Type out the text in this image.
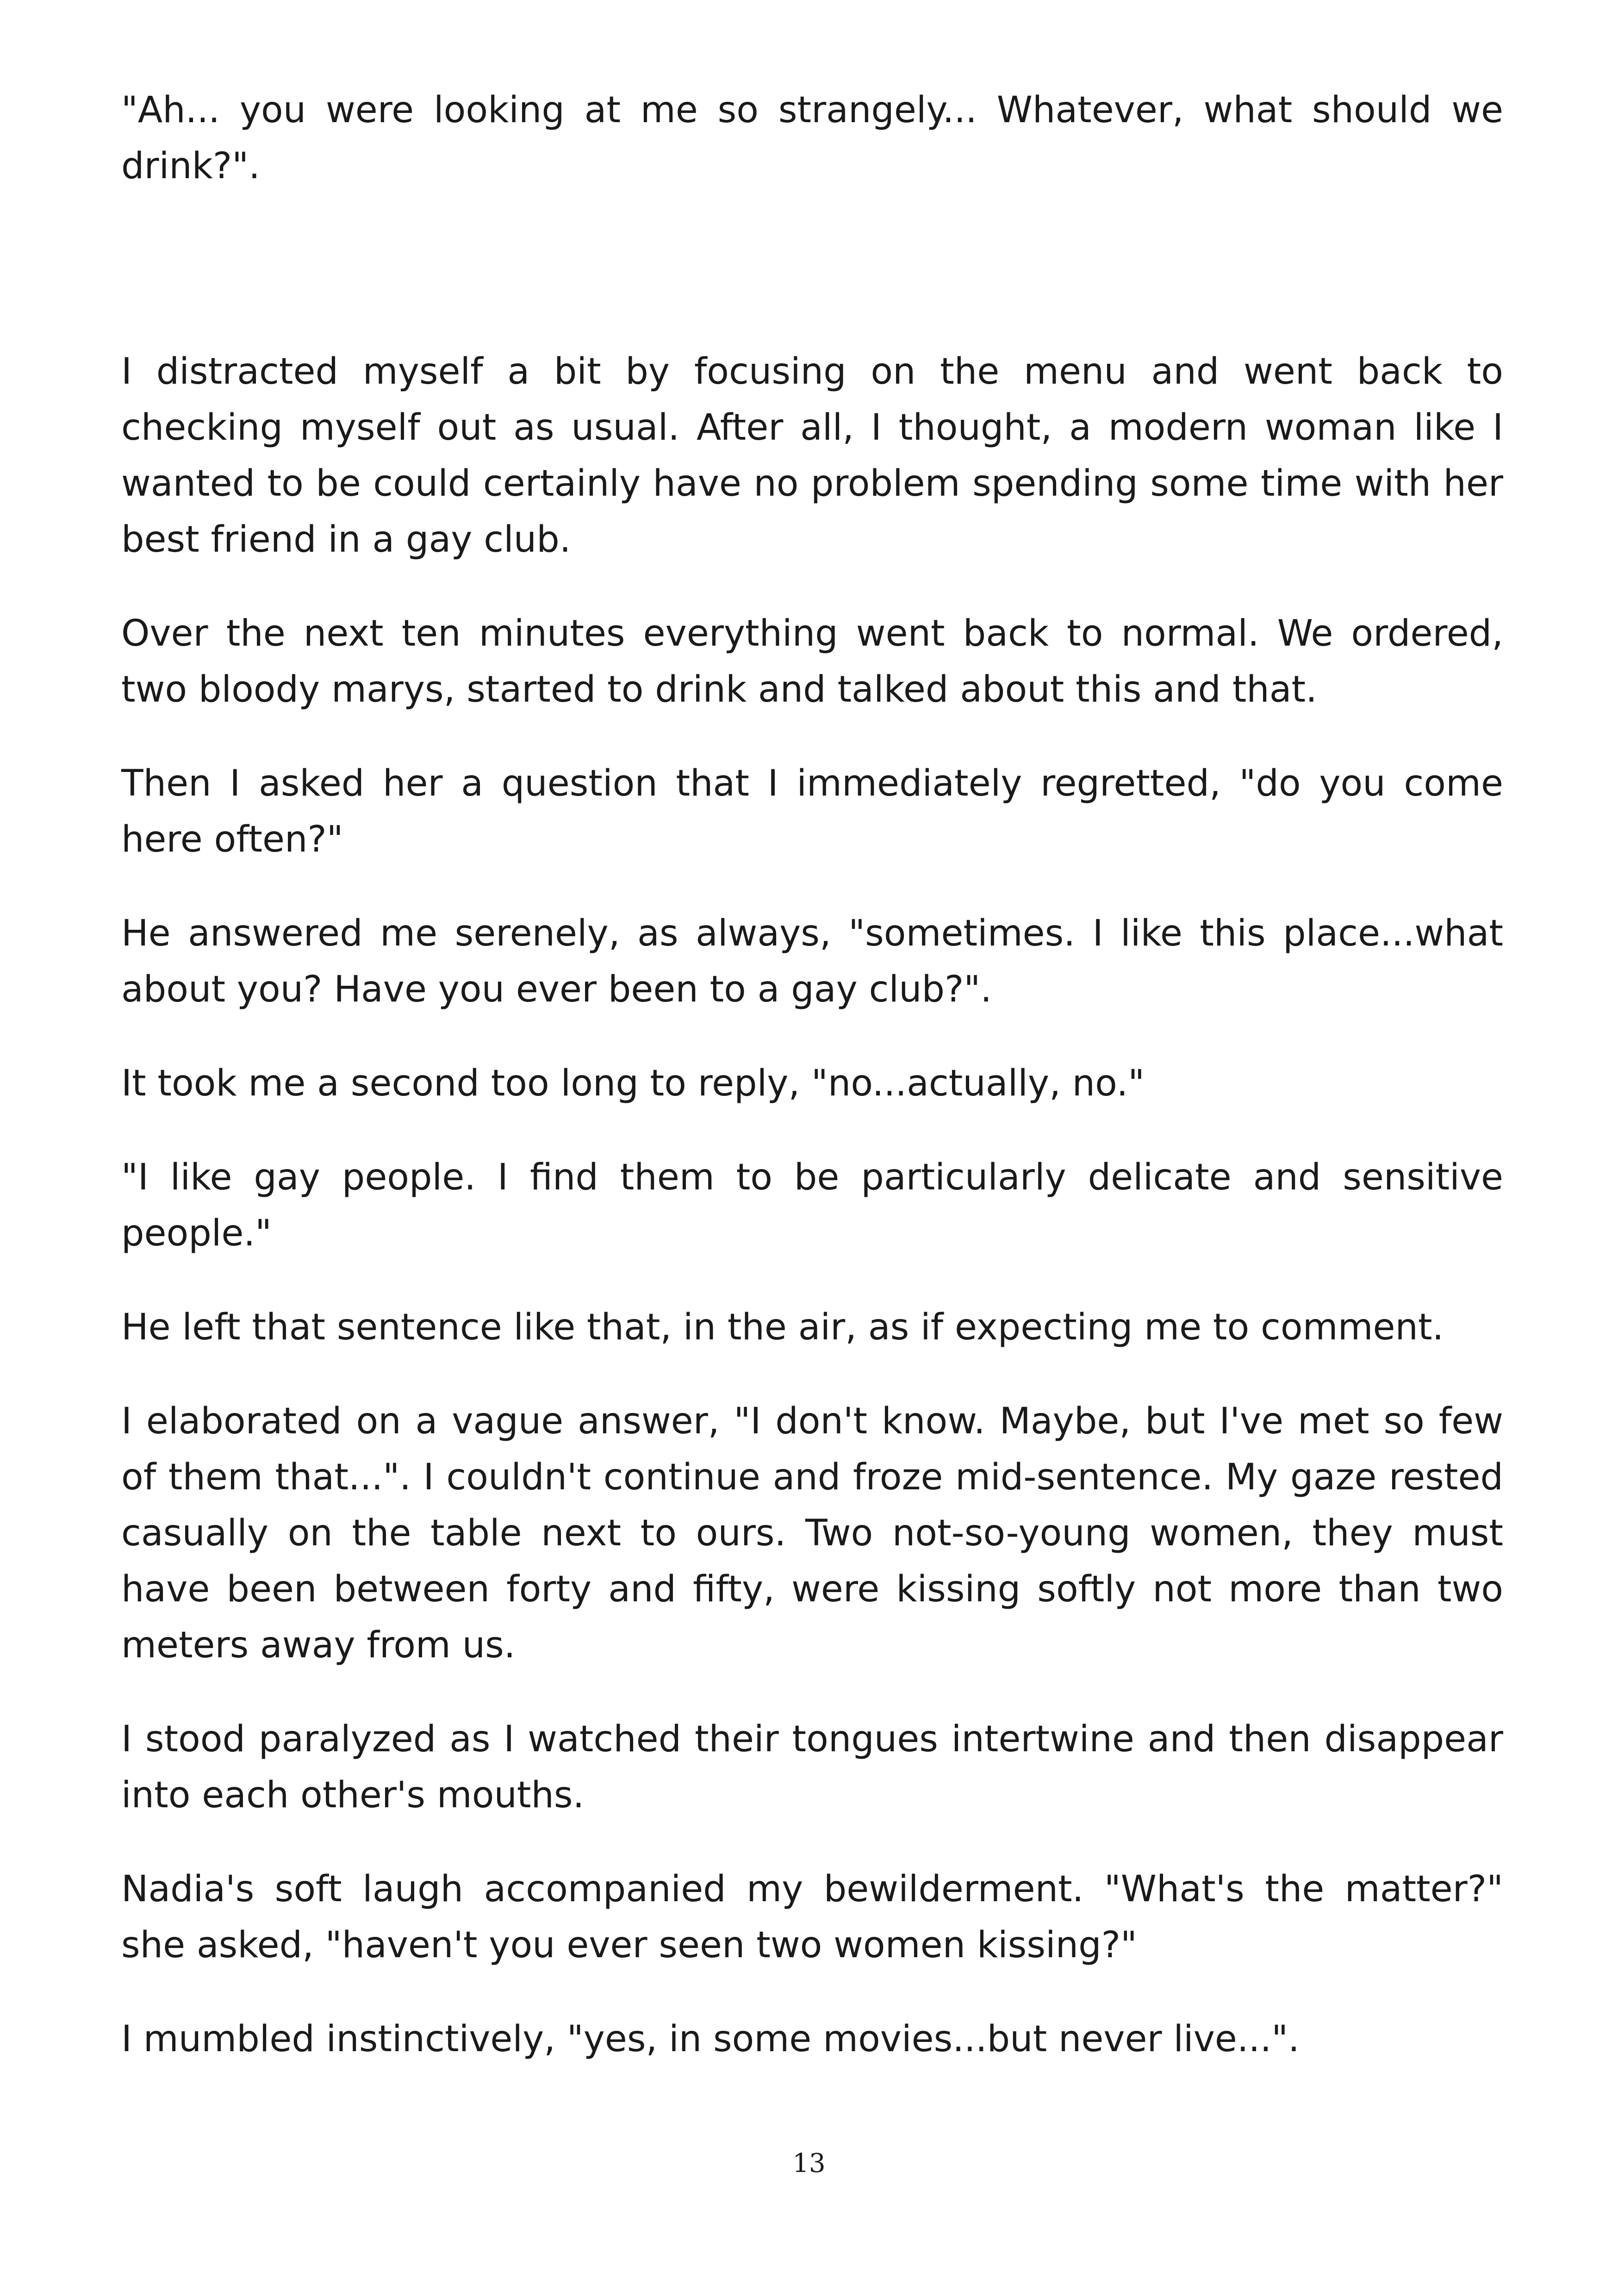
"Ah... you were looking at me so strangely... Whatever, what should we drink?".

I distracted myself a bit by focusing on the menu and went back to checking myself out as usual. After all, I thought, a modern woman like I wanted to be could certainly have no problem spending some time with her best friend in a gay club.

Over the next ten minutes everything went back to normal. We ordered, two bloody marys, started to drink and talked about this and that.

Then I asked her a question that I immediately regretted, "do you come here often?"

He answered me serenely, as always, "sometimes. I like this place...what about you? Have you ever been to a gay club?".

It took me a second too long to reply, "no...actually, no."

"I like gay people. I find them to be particularly delicate and sensitive people."

He left that sentence like that, in the air, as if expecting me to comment.

I elaborated on a vague answer, "I don't know. Maybe, but I've met so few of them that...". I couldn't continue and froze mid-sentence. My gaze rested casually on the table next to ours. Two not-so-young women, they must have been between forty and fifty, were kissing softly not more than two meters away from us.

I stood paralyzed as I watched their tongues intertwine and then disappear into each other's mouths.

Nadia's soft laugh accompanied my bewilderment. "What's the matter?" she asked, "haven't you ever seen two women kissing?"

I mumbled instinctively, "yes, in some movies...but never live...".

13
